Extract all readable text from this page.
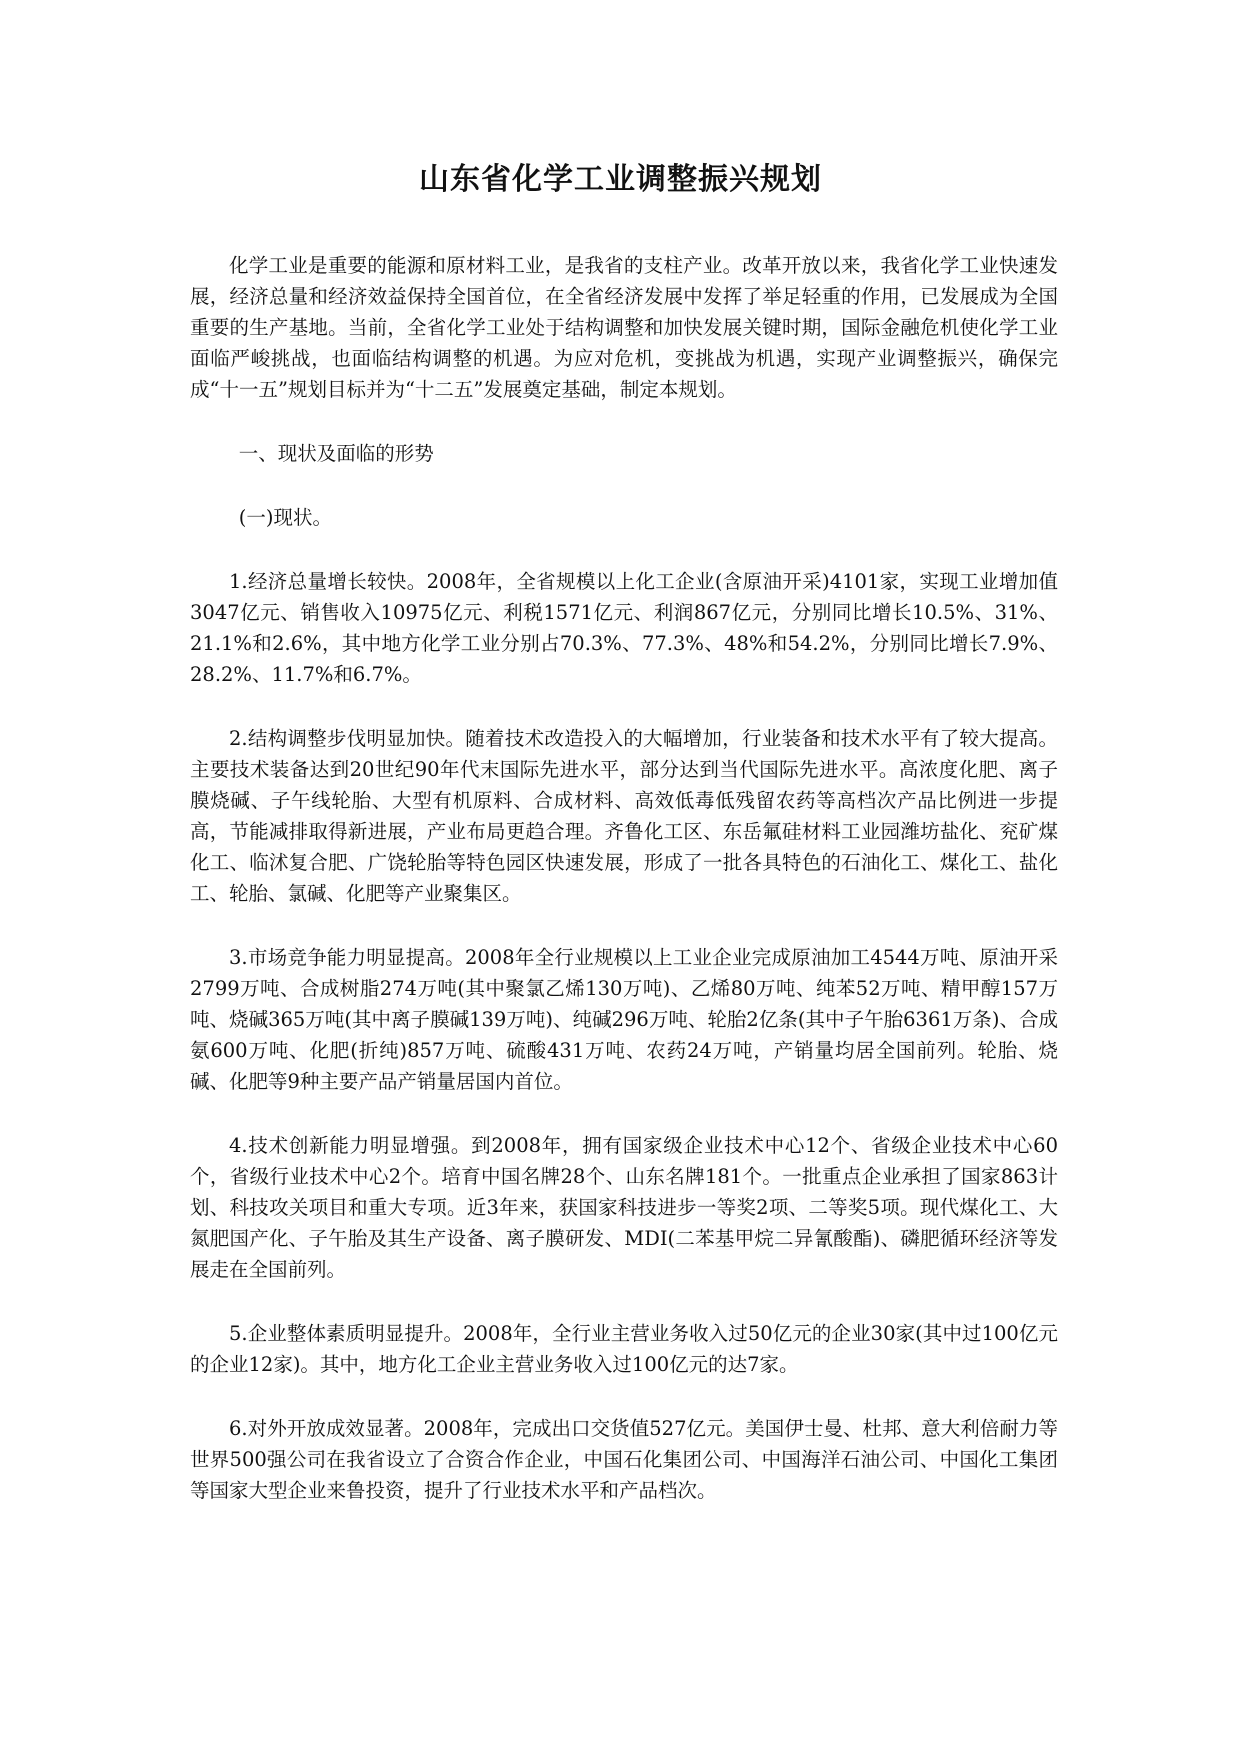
山东省化学工业调整振兴规划

化学工业是重要的能源和原材料工业，是我省的支柱产业。改革开放以来，我省化学工业快速发展，经济总量和经济效益保持全国首位，在全省经济发展中发挥了举足轻重的作用，已发展成为全国重要的生产基地。当前，全省化学工业处于结构调整和加快发展关键时期，国际金融危机使化学工业面临严峻挑战，也面临结构调整的机遇。为应对危机，变挑战为机遇，实现产业调整振兴，确保完成“十一五”规划目标并为“十二五”发展奠定基础，制定本规划。

一、现状及面临的形势

(一)现状。

1.经济总量增长较快。2008年，全省规模以上化工企业(含原油开采)4101家，实现工业增加值3047亿元、销售收入10975亿元、利税1571亿元、利润867亿元，分别同比增长10.5%、31%、21.1%和2.6%，其中地方化学工业分别占70.3%、77.3%、48%和54.2%，分别同比增长7.9%、28.2%、11.7%和6.7%。

2.结构调整步伐明显加快。随着技术改造投入的大幅增加，行业装备和技术水平有了较大提高。主要技术装备达到20世纪90年代末国际先进水平，部分达到当代国际先进水平。高浓度化肥、离子膜烧碱、子午线轮胎、大型有机原料、合成材料、高效低毒低残留农药等高档次产品比例进一步提高，节能减排取得新进展，产业布局更趋合理。齐鲁化工区、东岳氟硅材料工业园潍坊盐化、兖矿煤化工、临沭复合肥、广饶轮胎等特色园区快速发展，形成了一批各具特色的石油化工、煤化工、盐化工、轮胎、氯碱、化肥等产业聚集区。

3.市场竞争能力明显提高。2008年全行业规模以上工业企业完成原油加工4544万吨、原油开采2799万吨、合成树脂274万吨(其中聚氯乙烯130万吨)、乙烯80万吨、纯苯52万吨、精甲醇157万吨、烧碱365万吨(其中离子膜碱139万吨)、纯碱296万吨、轮胎2亿条(其中子午胎6361万条)、合成氨600万吨、化肥(折纯)857万吨、硫酸431万吨、农药24万吨，产销量均居全国前列。轮胎、烧碱、化肥等9种主要产品产销量居国内首位。

4.技术创新能力明显增强。到2008年，拥有国家级企业技术中心12个、省级企业技术中心60个，省级行业技术中心2个。培育中国名牌28个、山东名牌181个。一批重点企业承担了国家863计划、科技攻关项目和重大专项。近3年来，获国家科技进步一等奖2项、二等奖5项。现代煤化工、大氮肥国产化、子午胎及其生产设备、离子膜研发、MDI(二苯基甲烷二异氰酸酯)、磷肥循环经济等发展走在全国前列。

5.企业整体素质明显提升。2008年，全行业主营业务收入过50亿元的企业30家(其中过100亿元的企业12家)。其中，地方化工企业主营业务收入过100亿元的达7家。

6.对外开放成效显著。2008年，完成出口交货值527亿元。美国伊士曼、杜邦、意大利倍耐力等世界500强公司在我省设立了合资合作企业，中国石化集团公司、中国海洋石油公司、中国化工集团等国家大型企业来鲁投资，提升了行业技术水平和产品档次。
